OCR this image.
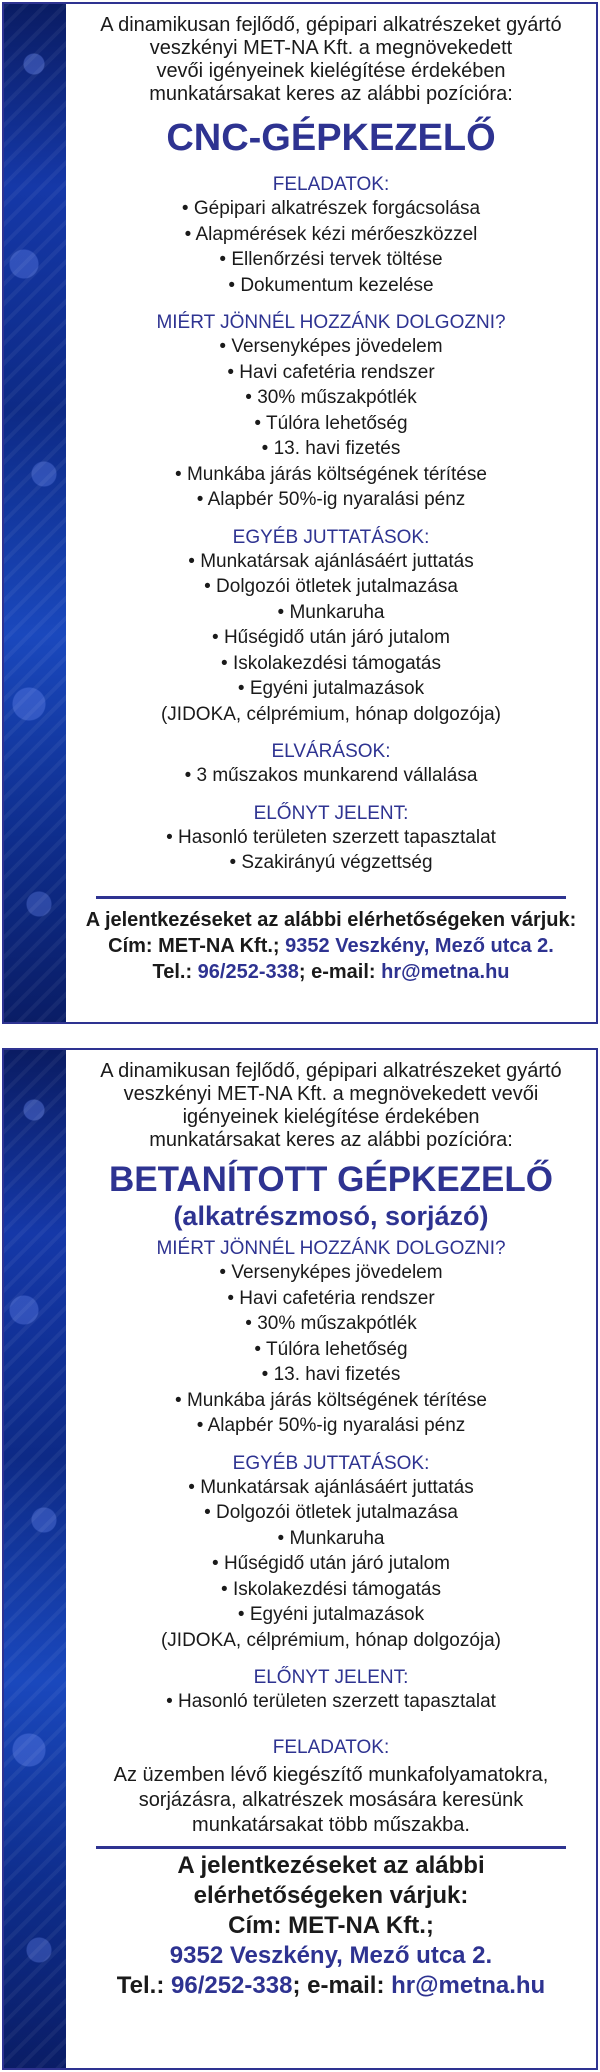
A dinamikusan fejlődő, gépipari alkatrészeket gyártó
veszkényi MET-NA Kft. a megnövekedett
vevői igényeinek kielégítése érdekében
munkatársakat keres az alábbi pozícióra:
CNC-GÉPKEZELŐ
FELADATOK:
• Gépipari alkatrészek forgácsolása
• Alapmérések kézi mérőeszközzel
• Ellenőrzési tervek töltése
• Dokumentum kezelése
MIÉRT JÖNNÉL HOZZÁNK DOLGOZNI?
• Versenyképes jövedelem
• Havi cafetéria rendszer
• 30% műszakpótlék
• Túlóra lehetőség
• 13. havi fizetés
• Munkába járás költségének térítése
• Alapbér 50%-ig nyaralási pénz
EGYÉB JUTTATÁSOK:
• Munkatársak ajánlásáért juttatás
• Dolgozói ötletek jutalmazása
• Munkaruha
• Hűségidő után járó jutalom
• Iskolakezdési támogatás
• Egyéni jutalmazások
(JIDOKA, célprémium, hónap dolgozója)
ELVÁRÁSOK:
• 3 műszakos munkarend vállalása
ELŐNYT JELENT:
• Hasonló területen szerzett tapasztalat
• Szakirányú végzettség
A jelentkezéseket az alábbi elérhetőségeken várjuk:
Cím: MET-NA Kft.; 9352 Veszkény, Mező utca 2.
Tel.: 96/252-338; e-mail: hr@metna.hu
A dinamikusan fejlődő, gépipari alkatrészeket gyártó
veszkényi MET-NA Kft. a megnövekedett vevői
igényeinek kielégítése érdekében
munkatársakat keres az alábbi pozícióra:
BETANÍTOTT GÉPKEZELŐ
(alkatrészmosó, sorjázó)
MIÉRT JÖNNÉL HOZZÁNK DOLGOZNI?
• Versenyképes jövedelem
• Havi cafetéria rendszer
• 30% műszakpótlék
• Túlóra lehetőség
• 13. havi fizetés
• Munkába járás költségének térítése
• Alapbér 50%-ig nyaralási pénz
EGYÉB JUTTATÁSOK:
• Munkatársak ajánlásáért juttatás
• Dolgozói ötletek jutalmazása
• Munkaruha
• Hűségidő után járó jutalom
• Iskolakezdési támogatás
• Egyéni jutalmazások
(JIDOKA, célprémium, hónap dolgozója)
ELŐNYT JELENT:
• Hasonló területen szerzett tapasztalat
FELADATOK:
Az üzemben lévő kiegészítő munkafolyamatokra,
sorjázásra, alkatrészek mosására keresünk
munkatársakat több műszakba.
A jelentkezéseket az alábbi
elérhetőségeken várjuk:
Cím: MET-NA Kft.;
9352 Veszkény, Mező utca 2.
Tel.: 96/252-338; e-mail: hr@metna.hu
